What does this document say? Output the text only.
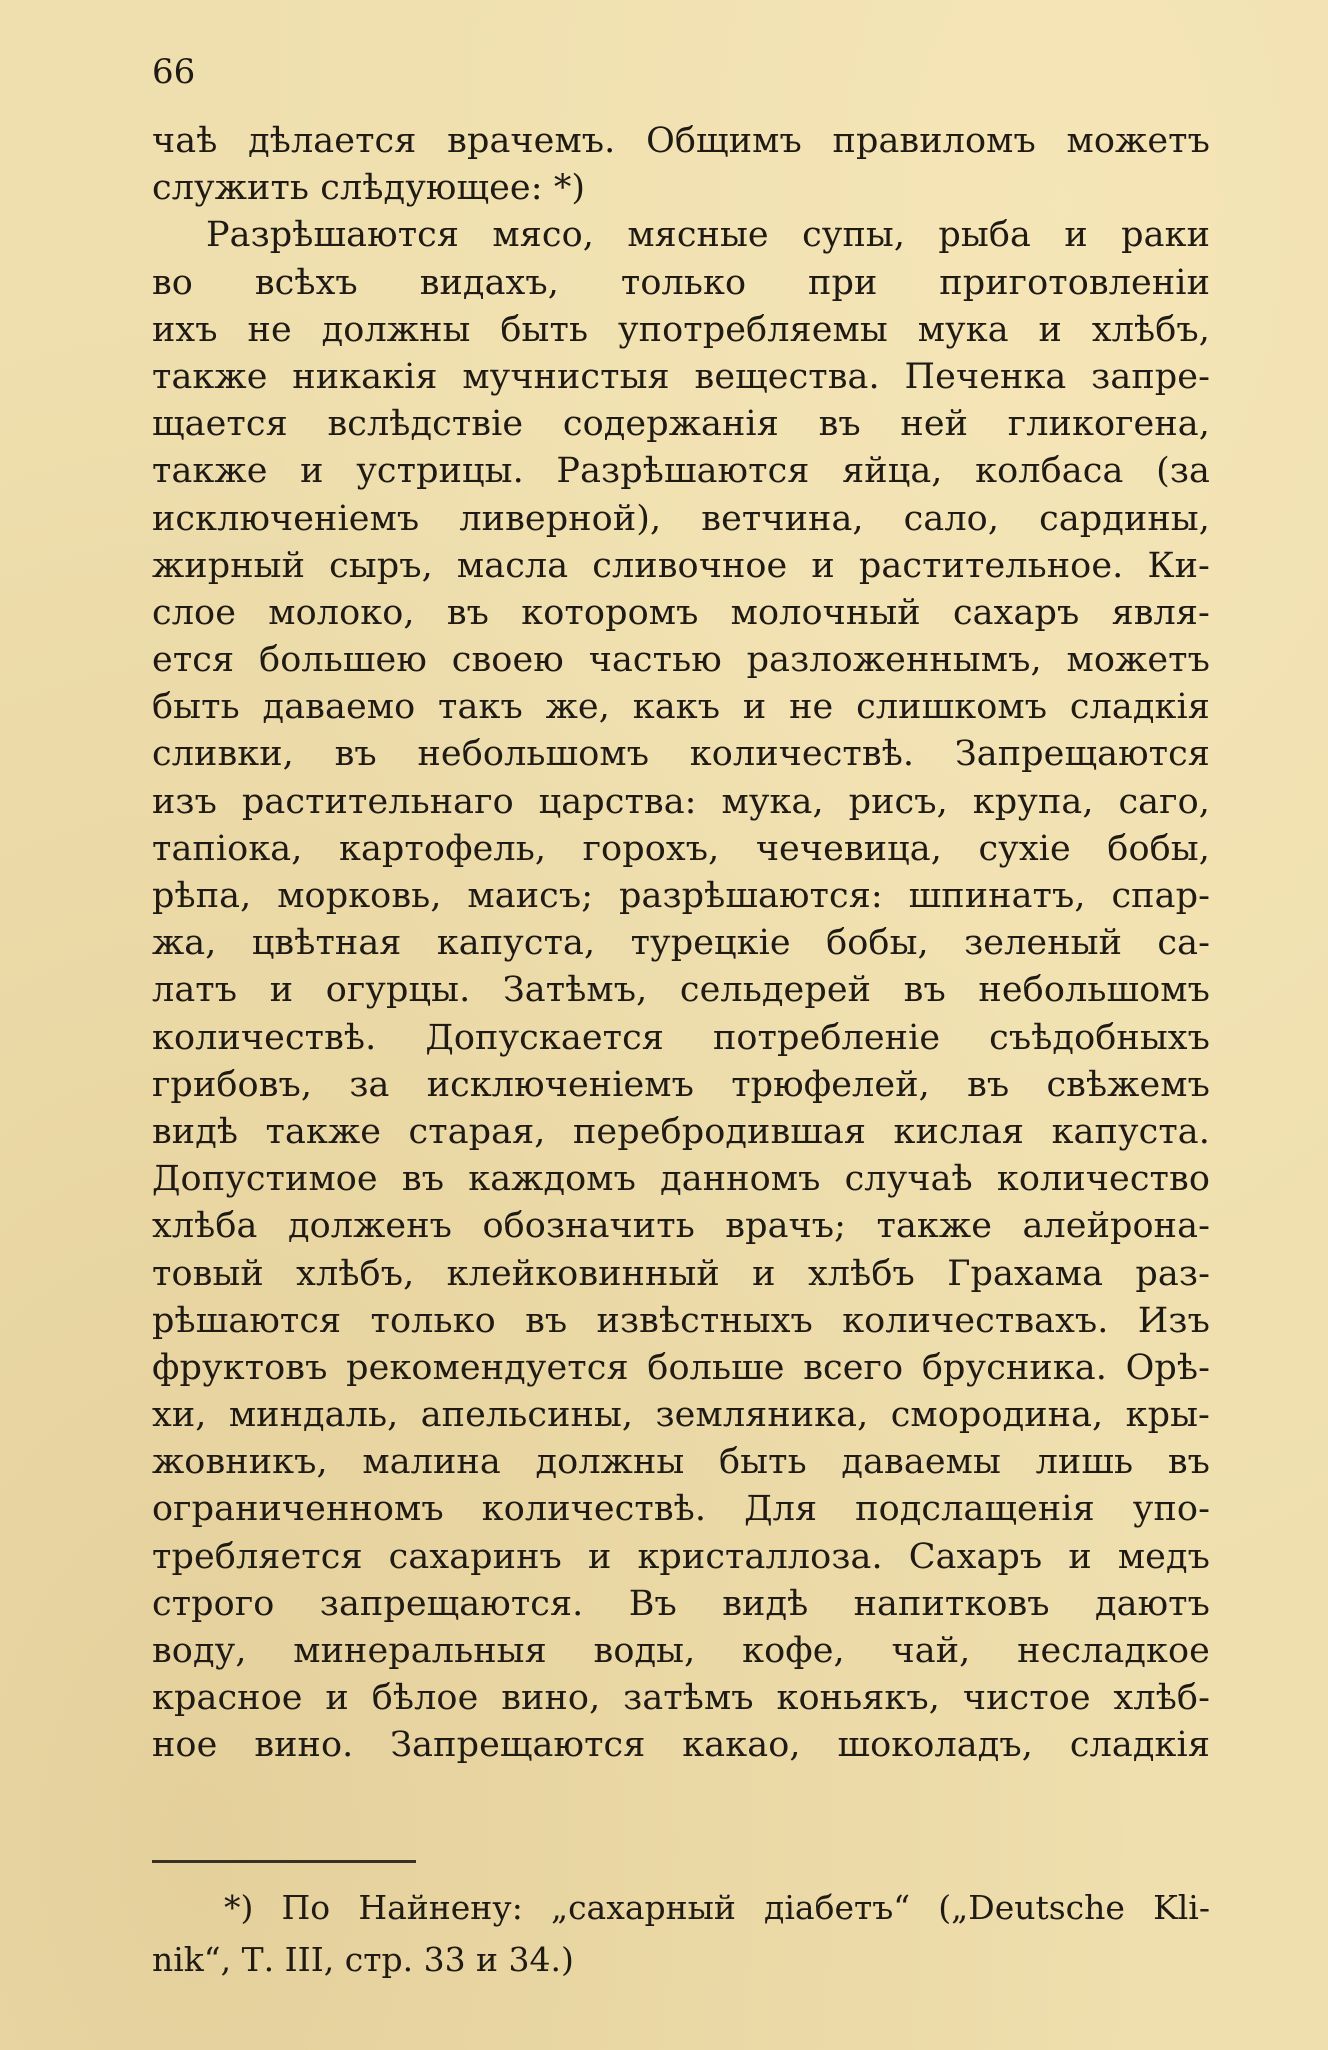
66
чаѣ дѣлается врачемъ. Общимъ правиломъ можетъ
служить слѣдующее: *)
Разрѣшаются мясо, мясные супы, рыба и раки
во всѣхъ видахъ, только при приготовленіи
ихъ не должны быть употребляемы мука и хлѣбъ,
также никакія мучнистыя вещества. Печенка запре-
щается вслѣдствіе содержанія въ ней гликогена,
также и устрицы. Разрѣшаются яйца, колбаса (за
исключеніемъ ливерной), ветчина, сало, сардины,
жирный сыръ, масла сливочное и растительное. Ки-
слое молоко, въ которомъ молочный сахаръ явля-
ется большею своею частью разложеннымъ, можетъ
быть даваемо такъ же, какъ и не слишкомъ сладкія
сливки, въ небольшомъ количествѣ. Запрещаются
изъ растительнаго царства: мука, рисъ, крупа, саго,
тапіока, картофель, горохъ, чечевица, сухіе бобы,
рѣпа, морковь, маисъ; разрѣшаются: шпинатъ, спар-
жа, цвѣтная капуста, турецкіе бобы, зеленый са-
латъ и огурцы. Затѣмъ, сельдерей въ небольшомъ
количествѣ. Допускается потребленіе съѣдобныхъ
грибовъ, за исключеніемъ трюфелей, въ свѣжемъ
видѣ также старая, перебродившая кислая капуста.
Допустимое въ каждомъ данномъ случаѣ количество
хлѣба долженъ обозначить врачъ; также алейрона-
товый хлѣбъ, клейковинный и хлѣбъ Грахама раз-
рѣшаются только въ извѣстныхъ количествахъ. Изъ
фруктовъ рекомендуется больше всего брусника. Орѣ-
хи, миндаль, апельсины, земляника, смородина, кры-
жовникъ, малина должны быть даваемы лишь въ
ограниченномъ количествѣ. Для подслащенія упо-
требляется сахаринъ и кристаллоза. Сахаръ и медъ
строго запрещаются. Въ видѣ напитковъ даютъ
воду, минеральныя воды, кофе, чай, несладкое
красное и бѣлое вино, затѣмъ коньякъ, чистое хлѣб-
ное вино. Запрещаются какао, шоколадъ, сладкія
*) По Найнену: „сахарный діабетъ“ („Deutsche Kli-
nik“, Т. III, стр. 33 и 34.)
